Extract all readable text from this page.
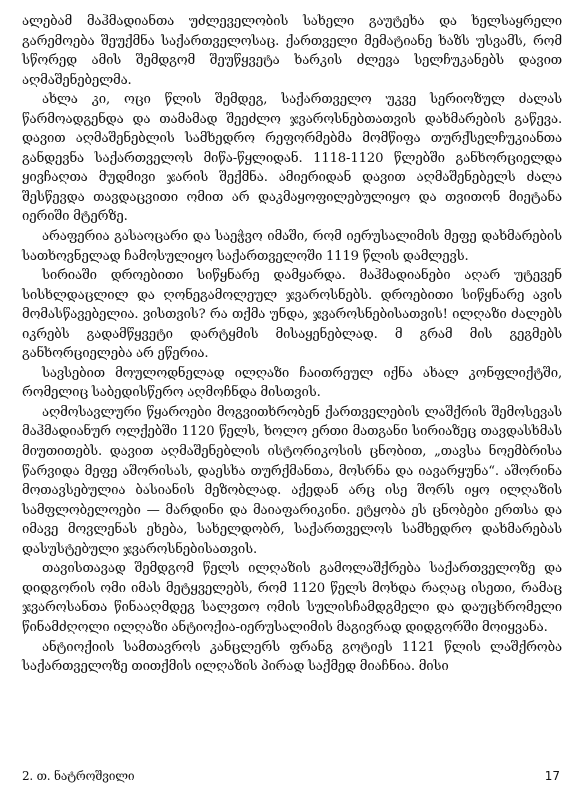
ალებამ მაჰმადიანთა უძლეველობის სახელი გაუტეხა და ხელსაყრელი გარემოება შეუქმნა საქართველოსაც. ქართველი მემატიანე ხაზს უსვამს, რომ სწორედ ამის შემდგომ შეუწყვეტა ხარკის ძლევა სელჩუკანებს დავით აღმაშენებელმა.

ახლა კი, ოცი წლის შემდეგ, საქართველო უკვე სერიოზულ ძალას წარმოადგენდა და თამამად შეეძლო ჯვაროსნებთათვის დახმარების გაწევა. დავით აღმაშენებლის სამხედრო რეფორმებმა მომწიფა თურქსელჩუკიანთა განდევნა საქართველოს მიწა-წყლიდან. 1118-1120 წლებში განხორციელდა ყივჩაღთა მუდმივი ჯარის შექმნა. ამიერიდან დავით აღმაშენებელს ძალა შესწევდა თავდაცვითი ომით არ დაკმაყოფილებულიყო და თვითონ მიეტანა იერიში მტერზე.

არაფერია გასაოცარი და საეჭვო იმაში, რომ იერუსალიმის მეფე დახმარების სათხოვნელად ჩამოსულიყო საქართველოში 1119 წლის დამლევს.

სირიაში დროებითი სიწყნარე დამყარდა. მაჰმადიანები აღარ უტევენ სისხლდაცლილ და ღონეგამოლეულ ჯვაროსნებს. დროებითი სიწყნარე ავის მომასწავებელია. ვისთვის? რა თქმა უნდა, ჯვაროსნებისათვის! ილღაზი ძალებს იკრებს გადამწყვეტი დარტყმის მისაყენებლად. მ გრამ მის გეგმებს განხორციელება არ ეწერია.

სავსებით მოულოდნელად ილღაზი ჩაითრეულ იქნა ახალ კონფლიქტში, რომელიც საბედისწერო აღმოჩნდა მისთვის.

აღმოსავლური წყაროები მოგვითხრობენ ქართველების ლაშქრის შემოსევას მაჰმადიანურ ოლქებში 1120 წელს, ხოლო ერთი მათგანი სირიაზეც თავდასხმას მიუთითებს. დავით აღმაშენებლის ისტორიკოსის ცნობით, „თავსა ნოემბრისა წარვიდა მეფე აშორისას, დაესხა თურქმანთა, მოსრნა და იავარყუნა“. აშორინა მოთავსებულია ბასიანის მეზობლად. აქედან არც ისე შორს იყო ილღაზის სამფლობელოები — მარდინი და მაიაფარიკინი. ეტყობა ეს ცნობები ერთსა და იმავე მოვლენას ეხება, სახელდობრ, საქართველოს სამხედრო დახმარებას დასუსტებული ჯვაროსნებისათვის.

თავისთავად შემდგომ წელს ილღაზის გამოლაშქრება საქართველოზე და დიდგორის ომი იმას მეტყველებს, რომ 1120 წელს მოხდა რაღაც ისეთი, რამაც ჯვაროსანთა წინააღმდეგ სალვთო ომის სულისჩამდგმელი და დაუცხრომელი წინამძღოლი ილღაზი ანტიოქია-იერუსალიმის მაგივრად დიდგორში მოიყვანა.

ანტიოქიის სამთავროს კანცლერს ფრანგ გოტიეს 1121 წლის ლაშქრობა საქართველოზე თითქმის ილღაზის პირად საქმედ მიაჩნია. მისი

2. თ. ნატროშვილი	17
